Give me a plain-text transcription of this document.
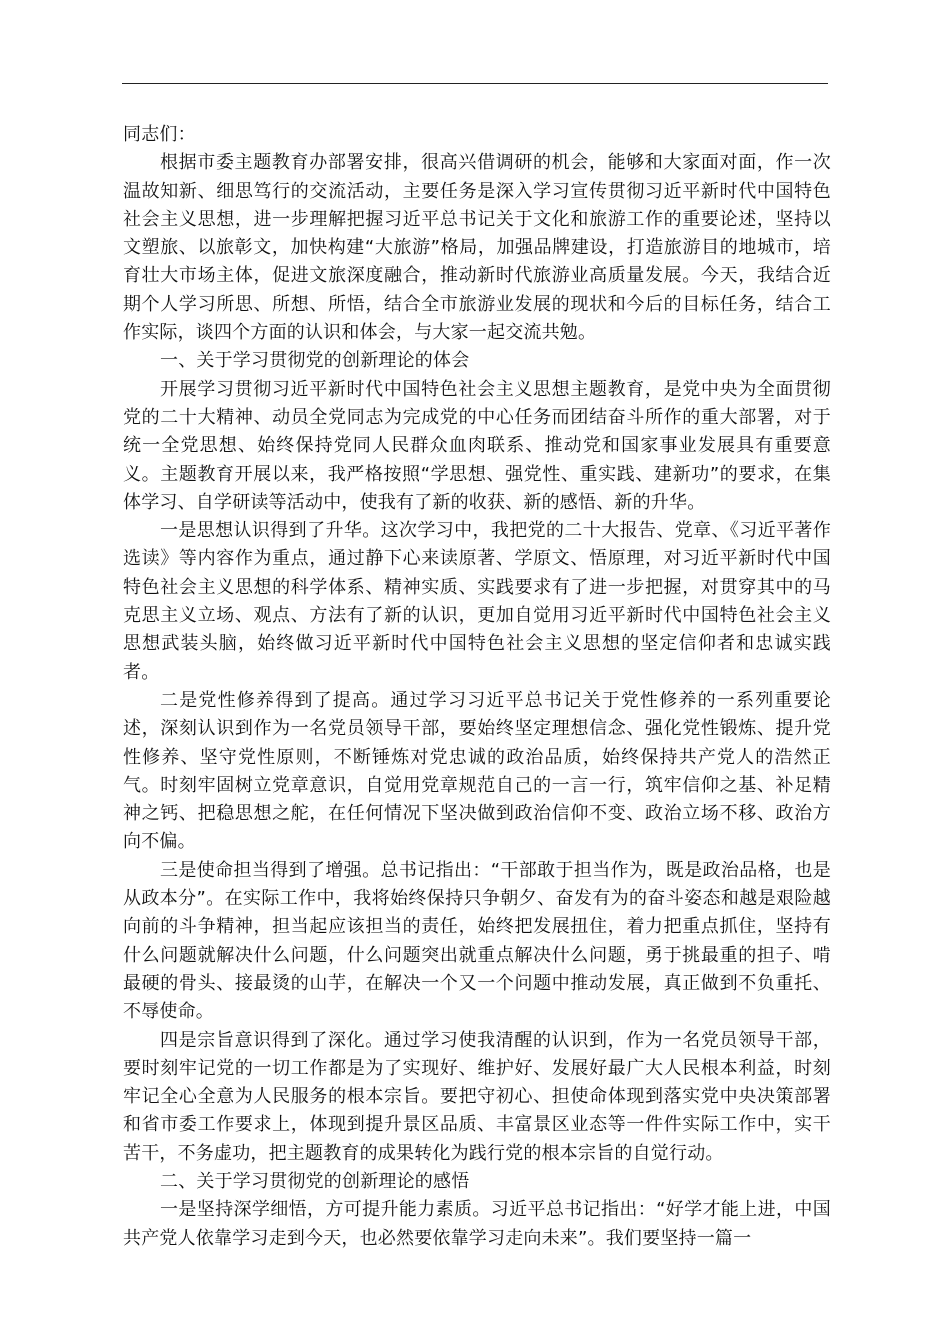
同志们：

根据市委主题教育办部署安排，很高兴借调研的机会，能够和大家面对面，作一次温故知新、细思笃行的交流活动，主要任务是深入学习宣传贯彻习近平新时代中国特色社会主义思想，进一步理解把握习近平总书记关于文化和旅游工作的重要论述，坚持以文塑旅、以旅彰文，加快构建“大旅游”格局，加强品牌建设，打造旅游目的地城市，培育壮大市场主体，促进文旅深度融合，推动新时代旅游业高质量发展。今天，我结合近期个人学习所思、所想、所悟，结合全市旅游业发展的现状和今后的目标任务，结合工作实际，谈四个方面的认识和体会，与大家一起交流共勉。

一、关于学习贯彻党的创新理论的体会

开展学习贯彻习近平新时代中国特色社会主义思想主题教育，是党中央为全面贯彻党的二十大精神、动员全党同志为完成党的中心任务而团结奋斗所作的重大部署，对于统一全党思想、始终保持党同人民群众血肉联系、推动党和国家事业发展具有重要意义。主题教育开展以来，我严格按照“学思想、强党性、重实践、建新功”的要求，在集体学习、自学研读等活动中，使我有了新的收获、新的感悟、新的升华。

一是思想认识得到了升华。这次学习中，我把党的二十大报告、党章、《习近平著作选读》等内容作为重点，通过静下心来读原著、学原文、悟原理，对习近平新时代中国特色社会主义思想的科学体系、精神实质、实践要求有了进一步把握，对贯穿其中的马克思主义立场、观点、方法有了新的认识，更加自觉用习近平新时代中国特色社会主义思想武装头脑，始终做习近平新时代中国特色社会主义思想的坚定信仰者和忠诚实践者。

二是党性修养得到了提高。通过学习习近平总书记关于党性修养的一系列重要论述，深刻认识到作为一名党员领导干部，要始终坚定理想信念、强化党性锻炼、提升党性修养、坚守党性原则，不断锤炼对党忠诚的政治品质，始终保持共产党人的浩然正气。时刻牢固树立党章意识，自觉用党章规范自己的一言一行，筑牢信仰之基、补足精神之钙、把稳思想之舵，在任何情况下坚决做到政治信仰不变、政治立场不移、政治方向不偏。

三是使命担当得到了增强。总书记指出：“干部敢于担当作为，既是政治品格，也是从政本分”。在实际工作中，我将始终保持只争朝夕、奋发有为的奋斗姿态和越是艰险越向前的斗争精神，担当起应该担当的责任，始终把发展扭住，着力把重点抓住，坚持有什么问题就解决什么问题，什么问题突出就重点解决什么问题，勇于挑最重的担子、啃最硬的骨头、接最烫的山芋，在解决一个又一个问题中推动发展，真正做到不负重托、不辱使命。

四是宗旨意识得到了深化。通过学习使我清醒的认识到，作为一名党员领导干部，要时刻牢记党的一切工作都是为了实现好、维护好、发展好最广大人民根本利益，时刻牢记全心全意为人民服务的根本宗旨。要把守初心、担使命体现到落实党中央决策部署和省市委工作要求上，体现到提升景区品质、丰富景区业态等一件件实际工作中，实干苦干，不务虚功，把主题教育的成果转化为践行党的根本宗旨的自觉行动。

二、关于学习贯彻党的创新理论的感悟

一是坚持深学细悟，方可提升能力素质。习近平总书记指出：“好学才能上进，中国共产党人依靠学习走到今天，也必然要依靠学习走向未来”。我们要坚持一篇一
